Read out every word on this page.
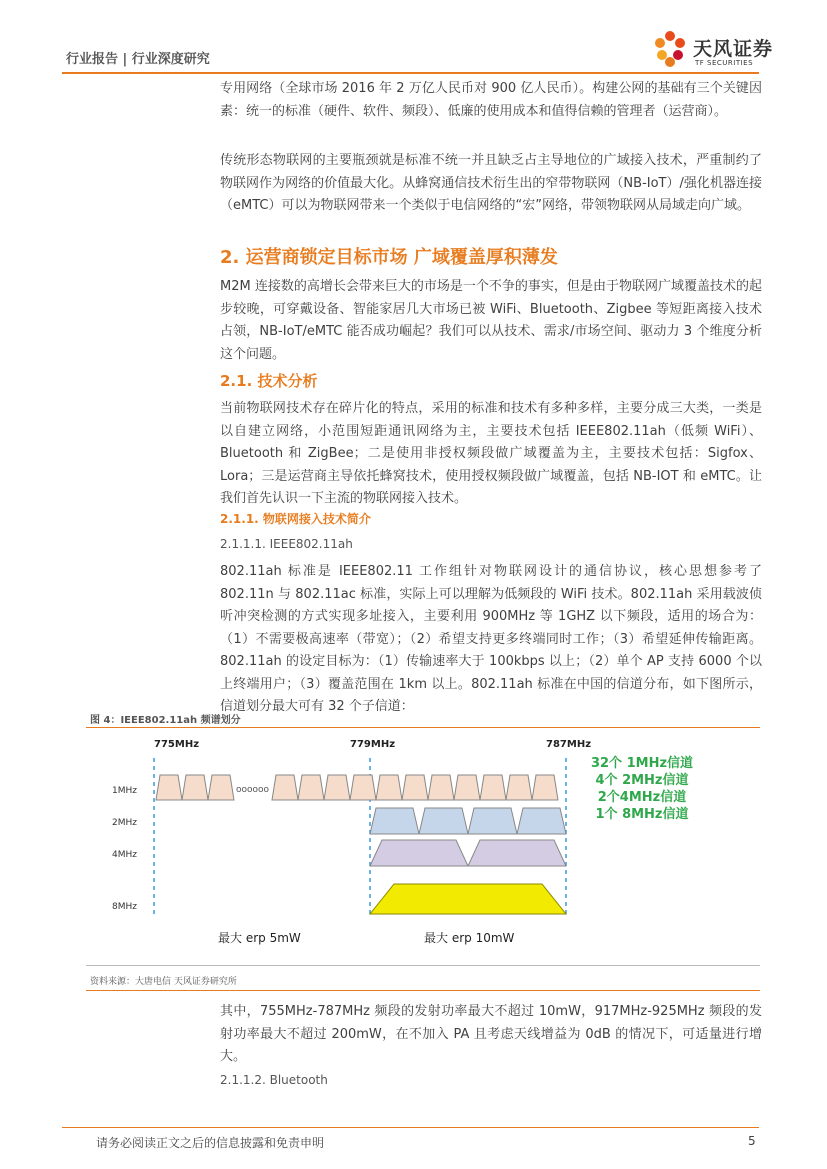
行业报告 | 行业深度研究	天风证券
TF SECURITIES
专用网络（全球市场 2016 年 2 万亿人民币对 900 亿人民币）。构建公网的基础有三个关键因素：统一的标准（硬件、软件、频段）、低廉的使用成本和值得信赖的管理者（运营商）。
传统形态物联网的主要瓶颈就是标准不统一并且缺乏占主导地位的广域接入技术，严重制约了物联网作为网络的价值最大化。从蜂窝通信技术衍生出的窄带物联网（NB-IoT）/强化机器连接（eMTC）可以为物联网带来一个类似于电信网络的“宏”网络，带领物联网从局域走向广域。
2. 运营商锁定目标市场 广域覆盖厚积薄发
M2M 连接数的高增长会带来巨大的市场是一个不争的事实，但是由于物联网广域覆盖技术的起步较晚，可穿戴设备、智能家居几大市场已被 WiFi、Bluetooth、Zigbee 等短距离接入技术占领，NB-IoT/eMTC 能否成功崛起？我们可以从技术、需求/市场空间、驱动力 3 个维度分析这个问题。
2.1. 技术分析
当前物联网技术存在碎片化的特点，采用的标准和技术有多种多样，主要分成三大类，一类是以自建立网络，小范围短距通讯网络为主，主要技术包括 IEEE802.11ah（低频 WiFi）、Bluetooth 和 ZigBee；二是使用非授权频段做广域覆盖为主，主要技术包括：Sigfox、Lora；三是运营商主导依托蜂窝技术，使用授权频段做广域覆盖，包括 NB-IOT 和 eMTC。让我们首先认识一下主流的物联网接入技术。
2.1.1. 物联网接入技术简介
2.1.1.1. IEEE802.11ah
802.11ah 标准是 IEEE802.11 工作组针对物联网设计的通信协议，核心思想参考了 802.11n 与 802.11ac 标准，实际上可以理解为低频段的 WiFi 技术。802.11ah 采用载波侦听冲突检测的方式实现多址接入，主要利用 900MHz 等 1GHZ 以下频段，适用的场合为：（1）不需要极高速率（带宽）；（2）希望支持更多终端同时工作；（3）希望延伸传输距离。802.11ah 的设定目标为：（1）传输速率大于 100kbps 以上；（2）单个 AP 支持 6000 个以上终端用户；（3）覆盖范围在 1km 以上。802.11ah 标准在中国的信道分布，如下图所示，信道划分最大可有 32 个子信道：
图 4：IEEE802.11ah 频谱划分
775MHz	779MHz	787MHz
1MHz
2MHz
4MHz
8MHz
oooooo
32个 1MHz信道
4个 2MHz信道
2个4MHz信道
1个 8MHz信道
最大 erp 5mW	最大 erp 10mW
资料来源：大唐电信 天风证券研究所
其中，755MHz-787MHz 频段的发射功率最大不超过 10mW，917MHz-925MHz 频段的发射功率最大不超过 200mW，在不加入 PA 且考虑天线增益为 0dB 的情况下，可适量进行增大。
2.1.1.2. Bluetooth
请务必阅读正文之后的信息披露和免责申明	5
